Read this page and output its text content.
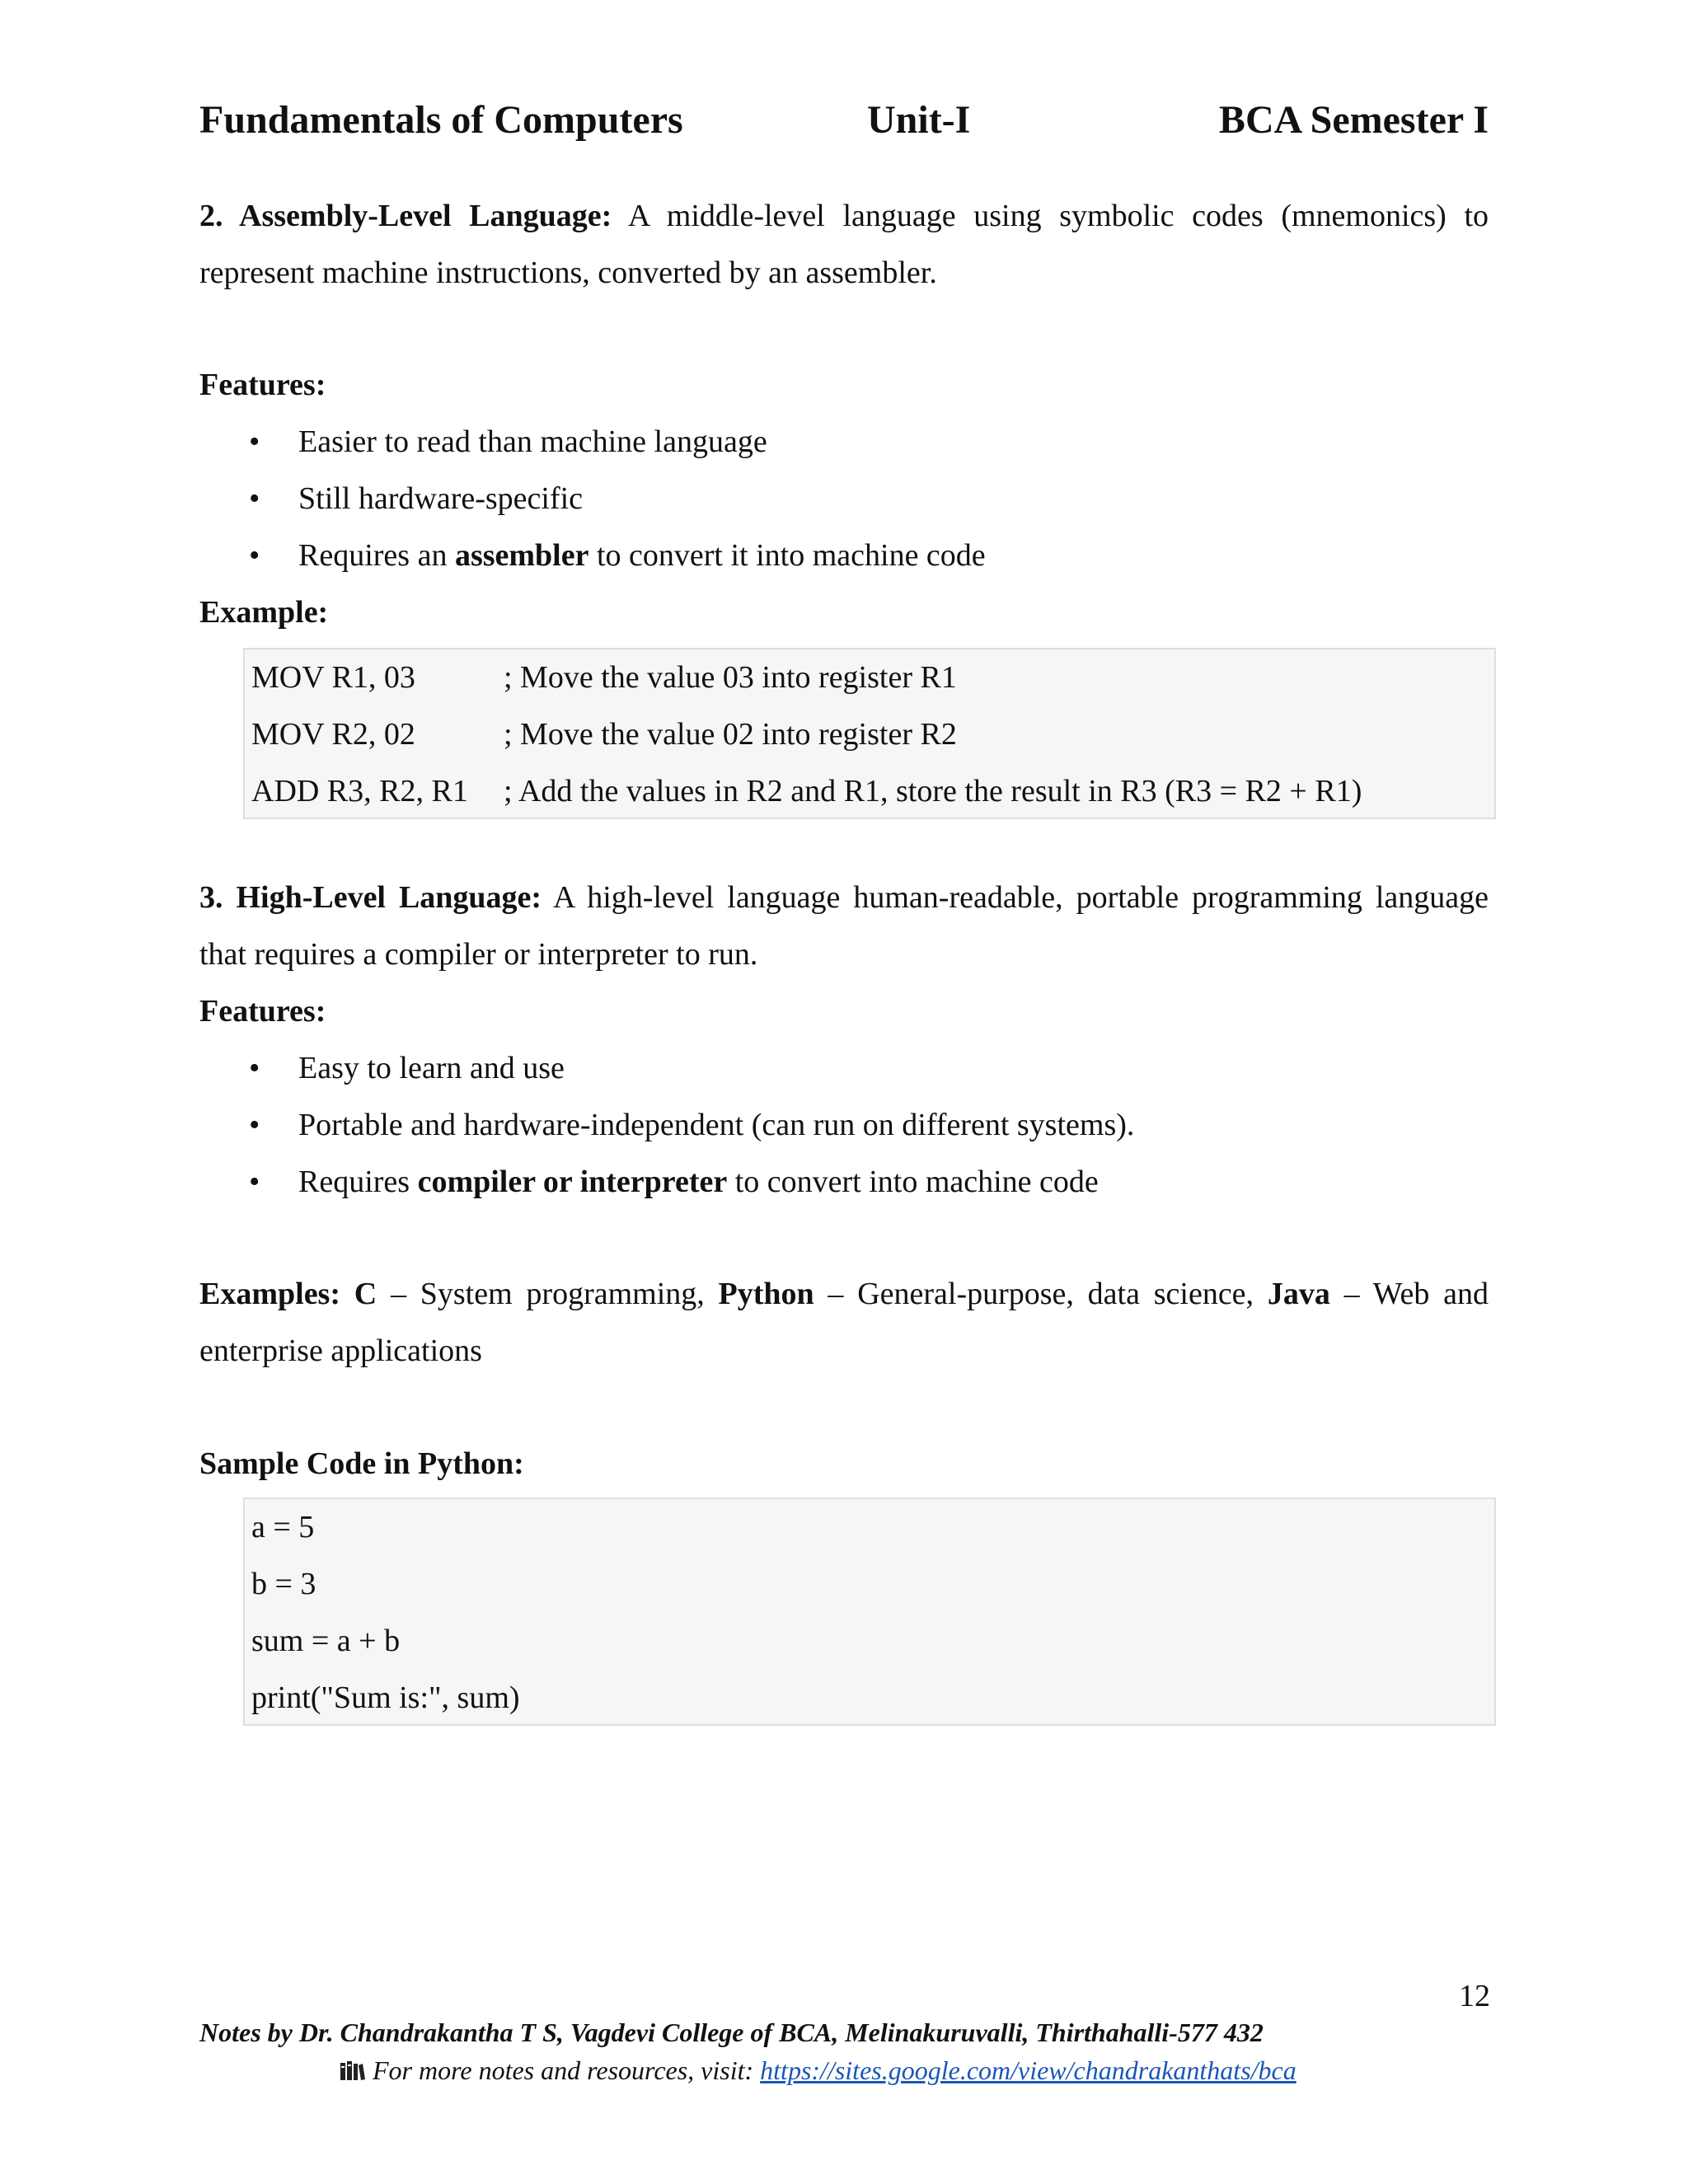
Fundamentals of Computers	Unit-I	BCA Semester I

2. Assembly-Level Language: A middle-level language using symbolic codes (mnemonics) to represent machine instructions, converted by an assembler.

Features:

• Easier to read than machine language
• Still hardware-specific
• Requires an assembler to convert it into machine code

Example:

MOV R1, 03	; Move the value 03 into register R1
MOV R2, 02	; Move the value 02 into register R2
ADD R3, R2, R1 ; Add the values in R2 and R1, store the result in R3 (R3 = R2 + R1)

3. High-Level Language: A high-level language human-readable, portable programming language that requires a compiler or interpreter to run.

Features:

• Easy to learn and use
• Portable and hardware-independent (can run on different systems).
• Requires compiler or interpreter to convert into machine code

Examples: C – System programming, Python – General-purpose, data science, Java – Web and enterprise applications

Sample Code in Python:

a = 5
b = 3
sum = a + b
print("Sum is:", sum)
12
Notes by Dr. Chandrakantha T S, Vagdevi College of BCA, Melinakuruvalli, Thirthahalli-577 432
For more notes and resources, visit: https://sites.google.com/view/chandrakanthats/bca
